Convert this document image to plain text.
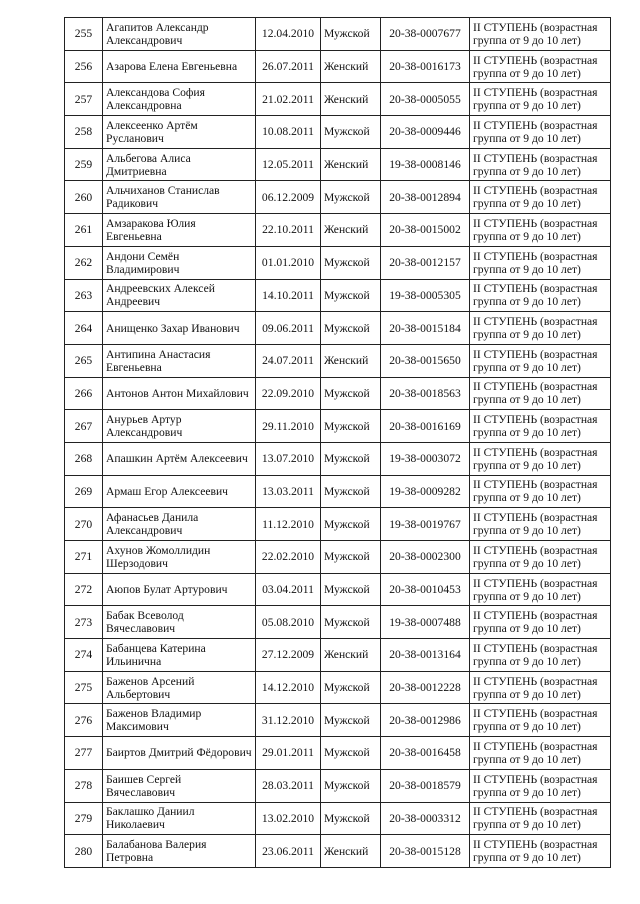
255	Агапитов Александр Александрович	12.04.2010	Мужской	20-38-0007677	II СТУПЕНЬ (возрастная группа от 9 до 10 лет)
256	Азарова Елена Евгеньевна	26.07.2011	Женский	20-38-0016173	II СТУПЕНЬ (возрастная группа от 9 до 10 лет)
257	Александова София Александровна	21.02.2011	Женский	20-38-0005055	II СТУПЕНЬ (возрастная группа от 9 до 10 лет)
258	Алексеенко Артём Русланович	10.08.2011	Мужской	20-38-0009446	II СТУПЕНЬ (возрастная группа от 9 до 10 лет)
259	Альбегова Алиса Дмитриевна	12.05.2011	Женский	19-38-0008146	II СТУПЕНЬ (возрастная группа от 9 до 10 лет)
260	Альчиханов Станислав Радикович	06.12.2009	Мужской	20-38-0012894	II СТУПЕНЬ (возрастная группа от 9 до 10 лет)
261	Амзаракова Юлия Евгеньевна	22.10.2011	Женский	20-38-0015002	II СТУПЕНЬ (возрастная группа от 9 до 10 лет)
262	Андони Семён Владимирович	01.01.2010	Мужской	20-38-0012157	II СТУПЕНЬ (возрастная группа от 9 до 10 лет)
263	Андреевских Алексей Андреевич	14.10.2011	Мужской	19-38-0005305	II СТУПЕНЬ (возрастная группа от 9 до 10 лет)
264	Анищенко Захар Иванович	09.06.2011	Мужской	20-38-0015184	II СТУПЕНЬ (возрастная группа от 9 до 10 лет)
265	Антипина Анастасия Евгеньевна	24.07.2011	Женский	20-38-0015650	II СТУПЕНЬ (возрастная группа от 9 до 10 лет)
266	Антонов Антон Михайлович	22.09.2010	Мужской	20-38-0018563	II СТУПЕНЬ (возрастная группа от 9 до 10 лет)
267	Анурьев Артур Александрович	29.11.2010	Мужской	20-38-0016169	II СТУПЕНЬ (возрастная группа от 9 до 10 лет)
268	Апашкин Артём Алексеевич	13.07.2010	Мужской	19-38-0003072	II СТУПЕНЬ (возрастная группа от 9 до 10 лет)
269	Армаш Егор Алексеевич	13.03.2011	Мужской	19-38-0009282	II СТУПЕНЬ (возрастная группа от 9 до 10 лет)
270	Афанасьев Данила Александрович	11.12.2010	Мужской	19-38-0019767	II СТУПЕНЬ (возрастная группа от 9 до 10 лет)
271	Ахунов Жомоллидин Шерзодович	22.02.2010	Мужской	20-38-0002300	II СТУПЕНЬ (возрастная группа от 9 до 10 лет)
272	Аюпов Булат Артурович	03.04.2011	Мужской	20-38-0010453	II СТУПЕНЬ (возрастная группа от 9 до 10 лет)
273	Бабак Всеволод Вячеславович	05.08.2010	Мужской	19-38-0007488	II СТУПЕНЬ (возрастная группа от 9 до 10 лет)
274	Бабанцева Катерина Ильинична	27.12.2009	Женский	20-38-0013164	II СТУПЕНЬ (возрастная группа от 9 до 10 лет)
275	Баженов Арсений Альбертович	14.12.2010	Мужской	20-38-0012228	II СТУПЕНЬ (возрастная группа от 9 до 10 лет)
276	Баженов Владимир Максимович	31.12.2010	Мужской	20-38-0012986	II СТУПЕНЬ (возрастная группа от 9 до 10 лет)
277	Баиртов Дмитрий Фёдорович	29.01.2011	Мужской	20-38-0016458	II СТУПЕНЬ (возрастная группа от 9 до 10 лет)
278	Баишев Сергей Вячеславович	28.03.2011	Мужской	20-38-0018579	II СТУПЕНЬ (возрастная группа от 9 до 10 лет)
279	Баклашко Даниил Николаевич	13.02.2010	Мужской	20-38-0003312	II СТУПЕНЬ (возрастная группа от 9 до 10 лет)
280	Балабанова Валерия Петровна	23.06.2011	Женский	20-38-0015128	II СТУПЕНЬ (возрастная группа от 9 до 10 лет)
